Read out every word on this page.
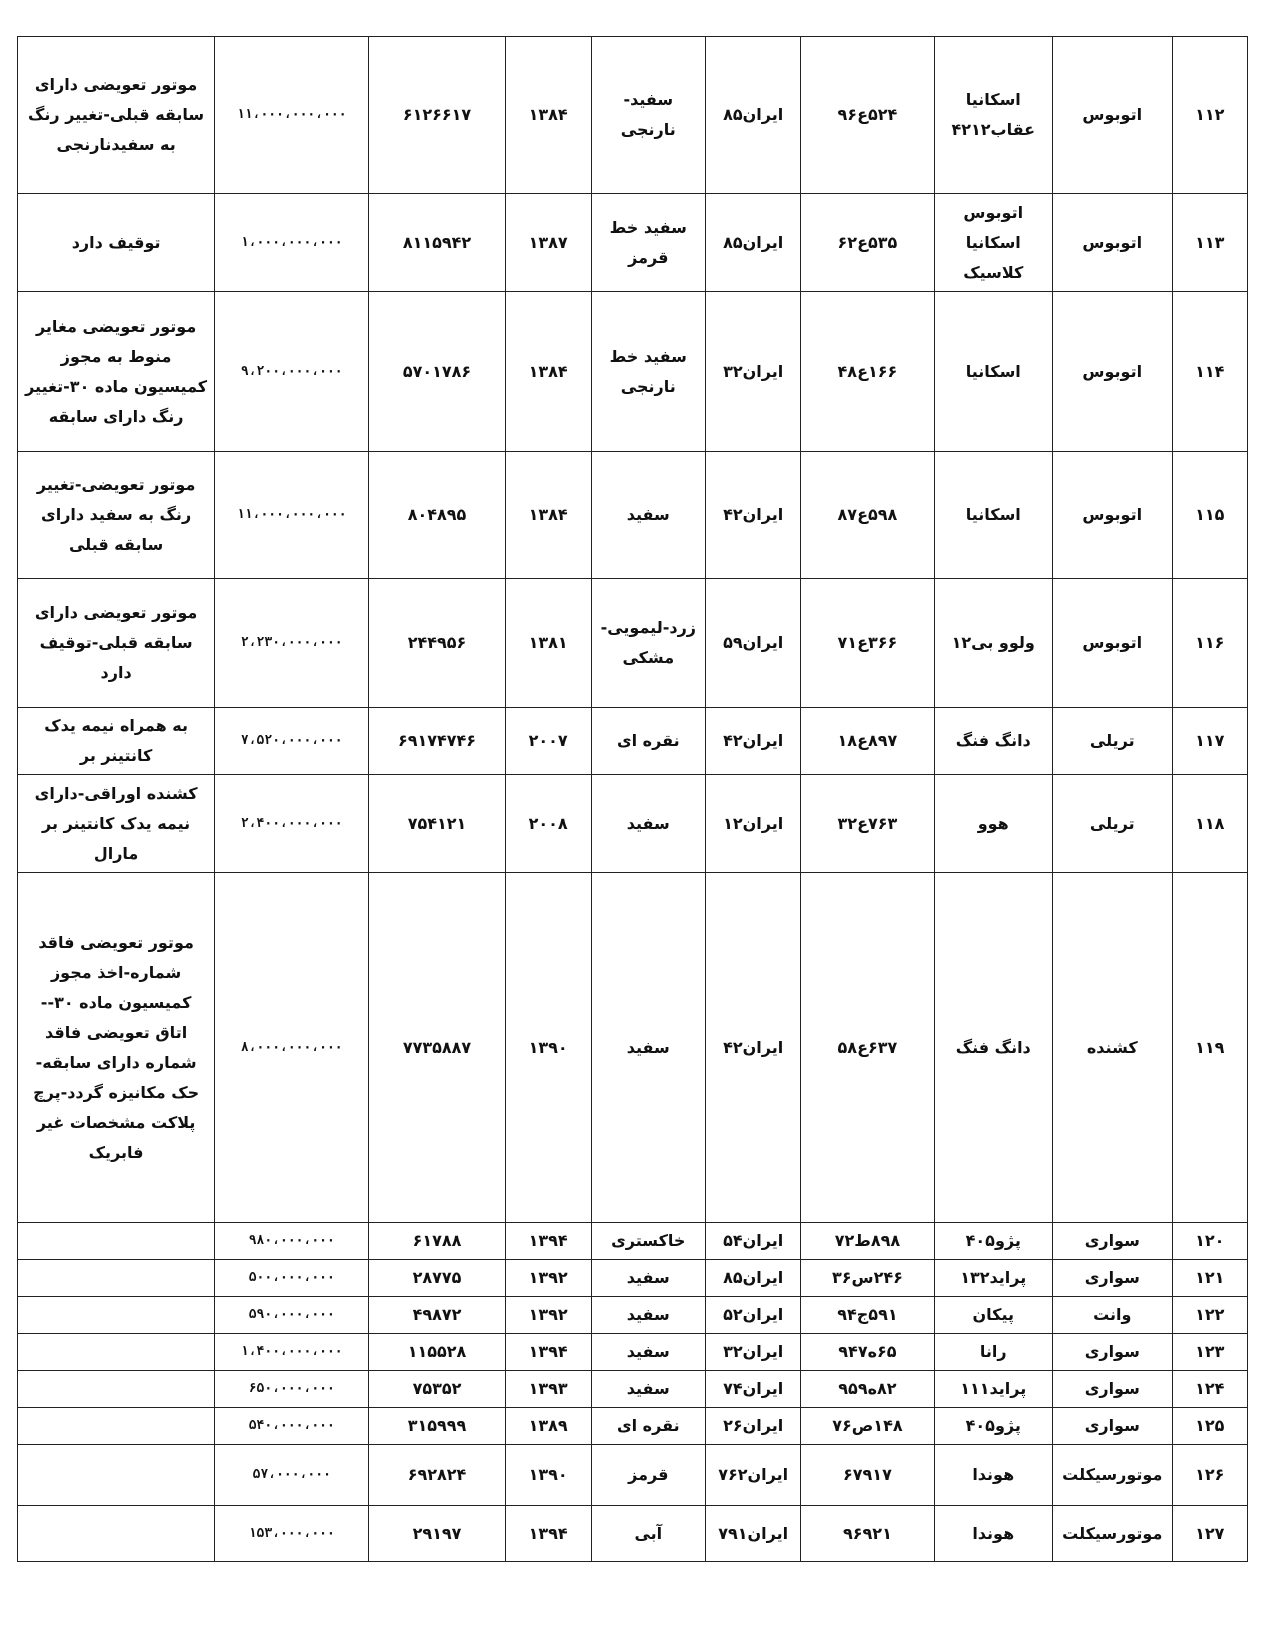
۱۱۲	اتوبوس	اسکانیا عقاب۴۲۱۲	۵۲۴ع۹۶	ایران۸۵	سفید-نارنجی	۱۳۸۴	۶۱۲۶۶۱۷	۱۱،۰۰۰،۰۰۰،۰۰۰	موتور تعویضی دارای سابقه قبلی-تغییر رنگ به سفیدنارنجی
۱۱۳	اتوبوس	اتوبوس اسکانیا کلاسیک	۵۳۵ع۶۲	ایران۸۵	سفید خط قرمز	۱۳۸۷	۸۱۱۵۹۴۲	۱،۰۰۰،۰۰۰،۰۰۰	توقیف دارد
۱۱۴	اتوبوس	اسکانیا	۱۶۶ع۴۸	ایران۳۲	سفید خط نارنجی	۱۳۸۴	۵۷۰۱۷۸۶	۹،۲۰۰،۰۰۰،۰۰۰	موتور تعویضی مغایر منوط به مجوز کمیسیون ماده ۳۰-تغییر رنگ دارای سابقه
۱۱۵	اتوبوس	اسکانیا	۵۹۸ع۸۷	ایران۴۲	سفید	۱۳۸۴	۸۰۴۸۹۵	۱۱،۰۰۰،۰۰۰،۰۰۰	موتور تعویضی-تغییر رنگ به سفید دارای سابقه قبلی
۱۱۶	اتوبوس	ولوو بی۱۲	۳۶۶ع۷۱	ایران۵۹	زرد-لیمویی-مشکی	۱۳۸۱	۲۴۴۹۵۶	۲،۲۳۰،۰۰۰،۰۰۰	موتور تعویضی دارای سابقه قبلی-توقیف دارد
۱۱۷	تریلی	دانگ فنگ	۸۹۷ع۱۸	ایران۴۲	نقره ای	۲۰۰۷	۶۹۱۷۴۷۴۶	۷،۵۲۰،۰۰۰،۰۰۰	به همراه نیمه یدک کانتینر بر
۱۱۸	تریلی	هوو	۷۶۳ع۳۲	ایران۱۲	سفید	۲۰۰۸	۷۵۴۱۲۱	۲،۴۰۰،۰۰۰،۰۰۰	کشنده اوراقی-دارای نیمه یدک کانتینر بر مارال
۱۱۹	کشنده	دانگ فنگ	۶۳۷ع۵۸	ایران۴۲	سفید	۱۳۹۰	۷۷۳۵۸۸۷	۸،۰۰۰،۰۰۰،۰۰۰	موتور تعویضی فاقد شماره-اخذ مجوز کمیسیون ماده ۳۰-- اتاق تعویضی فاقد شماره دارای سابقه- حک مکانیزه گردد-پرچ پلاکت مشخصات غیر فابریک
۱۲۰	سواری	پژو۴۰۵	۸۹۸ط۷۲	ایران۵۴	خاکستری	۱۳۹۴	۶۱۷۸۸	۹۸۰،۰۰۰،۰۰۰	
۱۲۱	سواری	پراید۱۳۲	۲۴۶س۳۶	ایران۸۵	سفید	۱۳۹۲	۲۸۷۷۵	۵۰۰،۰۰۰،۰۰۰	
۱۲۲	وانت	پیکان	۵۹۱ج۹۴	ایران۵۲	سفید	۱۳۹۲	۴۹۸۷۲	۵۹۰،۰۰۰،۰۰۰	
۱۲۳	سواری	رانا	۶۵ه۹۴۷	ایران۳۲	سفید	۱۳۹۴	۱۱۵۵۲۸	۱،۴۰۰،۰۰۰،۰۰۰	
۱۲۴	سواری	پراید۱۱۱	۸۲ه۹۵۹	ایران۷۴	سفید	۱۳۹۳	۷۵۳۵۲	۶۵۰،۰۰۰،۰۰۰	
۱۲۵	سواری	پژو۴۰۵	۱۴۸ص۷۶	ایران۲۶	نقره ای	۱۳۸۹	۳۱۵۹۹۹	۵۴۰،۰۰۰،۰۰۰	
۱۲۶	موتورسیکلت	هوندا	۶۷۹۱۷	ایران۷۶۲	قرمز	۱۳۹۰	۶۹۲۸۲۴	۵۷،۰۰۰،۰۰۰	
۱۲۷	موتورسیکلت	هوندا	۹۶۹۲۱	ایران۷۹۱	آبی	۱۳۹۴	۲۹۱۹۷	۱۵۳،۰۰۰،۰۰۰	
